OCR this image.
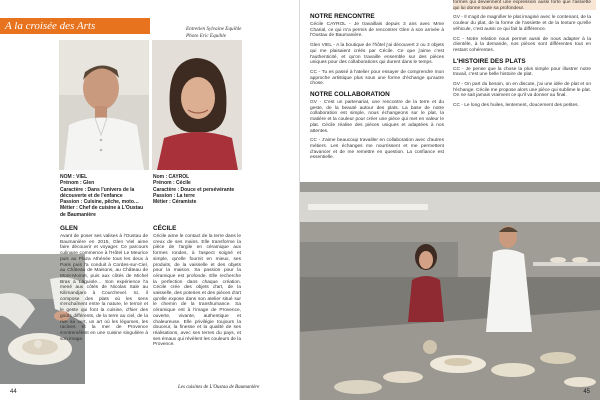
A la croisée des Arts	Entretien Sylvaine Equihle
Photo Eric Equihle
NOM : VIEL
Prénom : Glen
Caractère : Dans l'univers de la découverte et de l'enfance
Passion : Cuisine, pêche, moto…
Métier : Chef de cuisine à L'Oustau de Baumanière
Nom : CAYROL
Prénom : Cécile
Caractère : Douce et persévérante
Passion : La terre
Métier : Céramiste
GLEN

Avant de poser ses valises à l'Oustau de Baumanière en 2015, Glen Viel aime faire découvrir et voyager. Ce parcours culinaire commence à l'Hôtel Le Meurice puis au Plaza Athénée tous les deux à Paris puis l'a conduit à Cordes-sur-Ciel, au Château de Maisons, au Château de Mont-Moinet, puis aux côtés de Michel Bras à Laguiole… Son expérience l'a mené aux côtés de Nicolas Sale au Kilimandjaro à Courchevel. Ici, il compose des plats où les sens s'enchaînent entre la nature, le terroir et le geste qui font la cuisine, d'hier des goûts différents, de la terre au ciel, de la rive au vert, un art où les légumes, les racines et la mer de Provence s'entremêlent en une cuisine singulière à son image.

CÉCILE

Cécile aime le contact de la terre dans le creux de ses mains. Elle transforme la pièce de l'argile en céramique aux formes rondes, à l'aspect soigné et simple, qu'elle fournit en mieux, ses produits, de la vaisselle et des objets pour la maison. Sa passion pour la céramique est profonde. Elle recherche la perfection dans chaque création. Cécile crée des objets d'art, de la vaisselle, des poteries et des pièces d'art qu'elle expose dans son atelier situé sur le chemin de la transhumance. Sa céramique est à l'image de Provence, ouverte, vivante, authentique et chaleureuse. Elle privilégie toujours la douceur, la finesse et la qualité de ses réalisations, avec ses terres du pays, et ses émaux qui révèlent les couleurs de la Provence.

44
Les cuisines de L'Oustau de Baumanière
NOTRE RENCONTRE

Cécile CAYROL - Je travaillais depuis 3 ans avec Mme Charial, ce qui m'a permis de rencontrer Glen à son arrivée à l'Oustau de Baumanière.

Glen VIEL - A la boutique de l'hôtel j'ai découvert 2 ou 3 objets qui me plaisaient créés par Cécile. Ce que j'aime c'est l'authenticité, et qu'on travaille ensemble sur des pièces uniques pour des collaborations qui durent dans le temps.

CC - Tu es passé à l'atelier pour essayer de comprendre mon approche artistique plus sous une forme d'échange qu'autre chose.

NOTRE COLLABORATION

GV - C'est un partenariat, une rencontre de la terre et du geste, de la beauté autour des plats. La base de notre collaboration est simple, nous échangeons sur le plat, la matière et la couleur pour créer une pièce qui met en valeur le plat. Cécile réalise des pièces uniques et adaptées à nos attentes.

CC - J'aime beaucoup travailler en collaboration avec d'autres métiers. Les échanges me nourrissent et me permettent d'avancer et de me remettre en question. La confiance est essentielle.

formes qui deviennent une expression aussi forte que l'assiette qui lui donne toute sa profondeur.

GV - Il s'agit de magnifier le plat imaginé avec le contenant, de la couleur du plat, de la forme de l'assiette et de la texture qu'elle véhicule, c'est aussi ce qui fait la différence.

CC - Notre relation nous permet aussi de nous adapter à la clientèle, à la demande, nos pièces sont différentes tout en restant cohérentes.

L'HISTOIRE DES PLATS

CC - Je pense que la chose la plus simple pour illustrer notre travail, c'est une belle histoire de plat.

GV - On part du besoin, on en discute, j'ai une idée de plat et on l'échange. Cécile me propose alors une pièce qui sublime le plat. On ne sait jamais vraiment ce qu'il va donner au final.

CC - Le long des huiles, lentement, doucement des petites.

45
